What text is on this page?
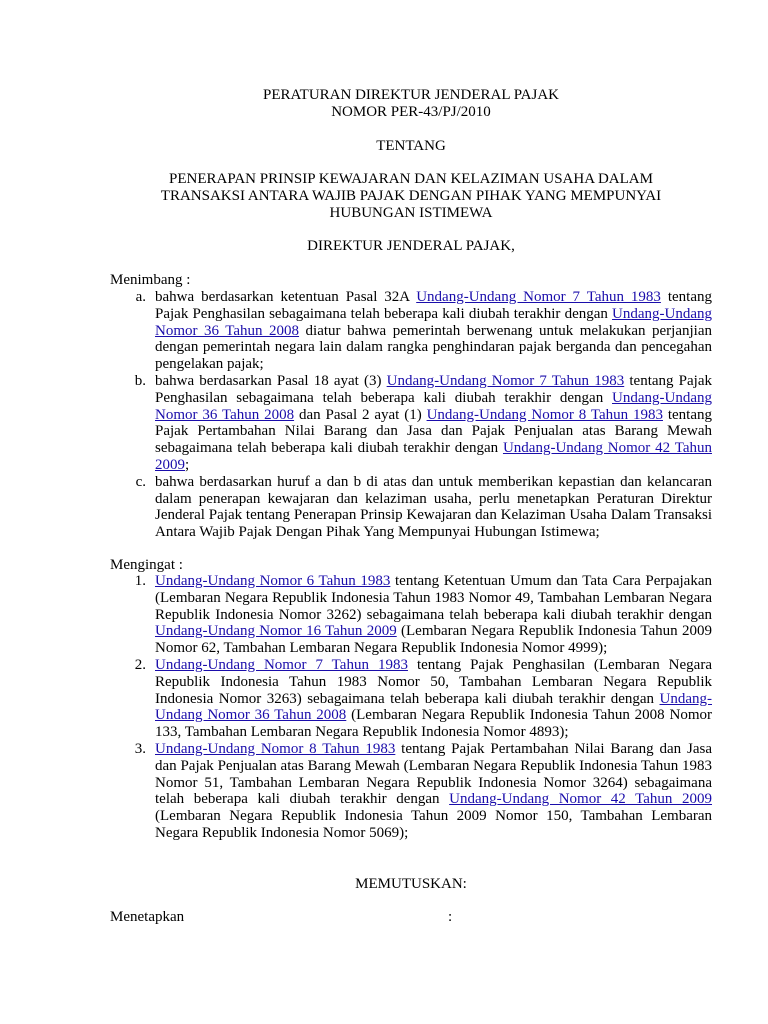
PERATURAN DIREKTUR JENDERAL PAJAK

NOMOR PER-43/PJ/2010

TENTANG

PENERAPAN PRINSIP KEWAJARAN DAN KELAZIMAN USAHA DALAM TRANSAKSI ANTARA WAJIB PAJAK DENGAN PIHAK YANG MEMPUNYAI HUBUNGAN ISTIMEWA

DIREKTUR JENDERAL PAJAK,

Menimbang :

a. bahwa berdasarkan ketentuan Pasal 32A Undang-Undang Nomor 7 Tahun 1983 tentang Pajak Penghasilan sebagaimana telah beberapa kali diubah terakhir dengan Undang-Undang Nomor 36 Tahun 2008 diatur bahwa pemerintah berwenang untuk melakukan perjanjian dengan pemerintah negara lain dalam rangka penghindaran pajak berganda dan pencegahan pengelakan pajak;
b. bahwa berdasarkan Pasal 18 ayat (3) Undang-Undang Nomor 7 Tahun 1983 tentang Pajak Penghasilan sebagaimana telah beberapa kali diubah terakhir dengan Undang-Undang Nomor 36 Tahun 2008 dan Pasal 2 ayat (1) Undang-Undang Nomor 8 Tahun 1983 tentang Pajak Pertambahan Nilai Barang dan Jasa dan Pajak Penjualan atas Barang Mewah sebagaimana telah beberapa kali diubah terakhir dengan Undang-Undang Nomor 42 Tahun 2009;
c. bahwa berdasarkan huruf a dan b di atas dan untuk memberikan kepastian dan kelancaran dalam penerapan kewajaran dan kelaziman usaha, perlu menetapkan Peraturan Direktur Jenderal Pajak tentang Penerapan Prinsip Kewajaran dan Kelaziman Usaha Dalam Transaksi Antara Wajib Pajak Dengan Pihak Yang Mempunyai Hubungan Istimewa;

Mengingat :

1. Undang-Undang Nomor 6 Tahun 1983 tentang Ketentuan Umum dan Tata Cara Perpajakan (Lembaran Negara Republik Indonesia Tahun 1983 Nomor 49, Tambahan Lembaran Negara Republik Indonesia Nomor 3262) sebagaimana telah beberapa kali diubah terakhir dengan Undang-Undang Nomor 16 Tahun 2009 (Lembaran Negara Republik Indonesia Tahun 2009 Nomor 62, Tambahan Lembaran Negara Republik Indonesia Nomor 4999);
2. Undang-Undang Nomor 7 Tahun 1983 tentang Pajak Penghasilan (Lembaran Negara Republik Indonesia Tahun 1983 Nomor 50, Tambahan Lembaran Negara Republik Indonesia Nomor 3263) sebagaimana telah beberapa kali diubah terakhir dengan Undang-Undang Nomor 36 Tahun 2008 (Lembaran Negara Republik Indonesia Tahun 2008 Nomor 133, Tambahan Lembaran Negara Republik Indonesia Nomor 4893);
3. Undang-Undang Nomor 8 Tahun 1983 tentang Pajak Pertambahan Nilai Barang dan Jasa dan Pajak Penjualan atas Barang Mewah (Lembaran Negara Republik Indonesia Tahun 1983 Nomor 51, Tambahan Lembaran Negara Republik Indonesia Nomor 3264) sebagaimana telah beberapa kali diubah terakhir dengan Undang-Undang Nomor 42 Tahun 2009 (Lembaran Negara Republik Indonesia Tahun 2009 Nomor 150, Tambahan Lembaran Negara Republik Indonesia Nomor 5069);

MEMUTUSKAN:

Menetapkan	:
